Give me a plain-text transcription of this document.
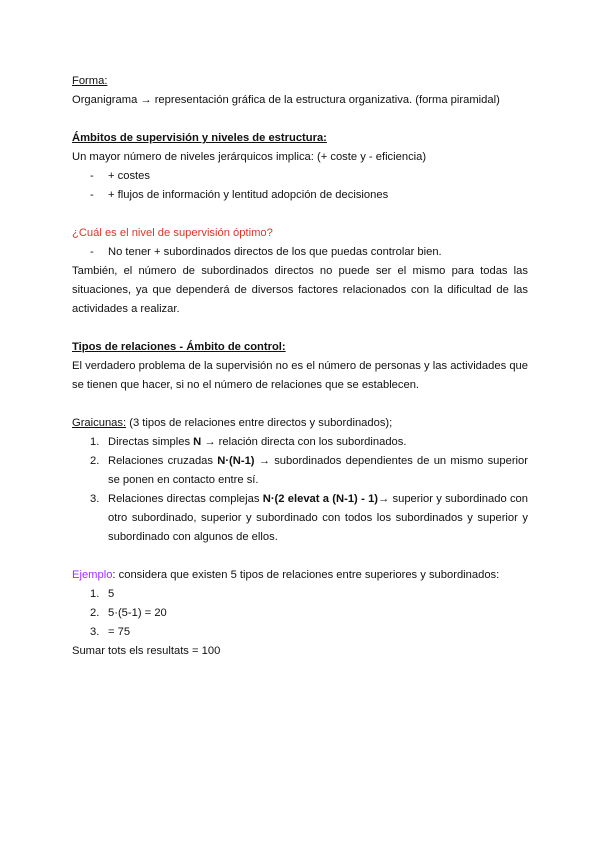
Forma:

Organigrama → representación gráfica de la estructura organizativa. (forma piramidal)

Ámbitos de supervisión y niveles de estructura:

Un mayor número de niveles jerárquicos implica: (+ coste y - eficiencia)

- + costes
- + flujos de información y lentitud adopción de decisiones

¿Cuál es el nivel de supervisión óptimo?

- No tener + subordinados directos de los que puedas controlar bien.

También, el número de subordinados directos no puede ser el mismo para todas las situaciones, ya que dependerá de diversos factores relacionados con la dificultad de las actividades a realizar.

Tipos de relaciones - Ámbito de control:

El verdadero problema de la supervisión no es el número de personas y las actividades que se tienen que hacer, si no el número de relaciones que se establecen.

Graicunas: (3 tipos de relaciones entre directos y subordinados);

1. Directas simples N → relación directa con los subordinados.
2. Relaciones cruzadas N·(N-1) → subordinados dependientes de un mismo superior se ponen en contacto entre sí.
3. Relaciones directas complejas N·(2 elevat a (N-1) - 1)→ superior y subordinado con otro subordinado, superior y subordinado con todos los subordinados y superior y subordinado con algunos de ellos.

Ejemplo: considera que existen 5 tipos de relaciones entre superiores y subordinados:

1. 5
2. 5·(5-1) = 20
3. = 75

Sumar tots els resultats = 100
